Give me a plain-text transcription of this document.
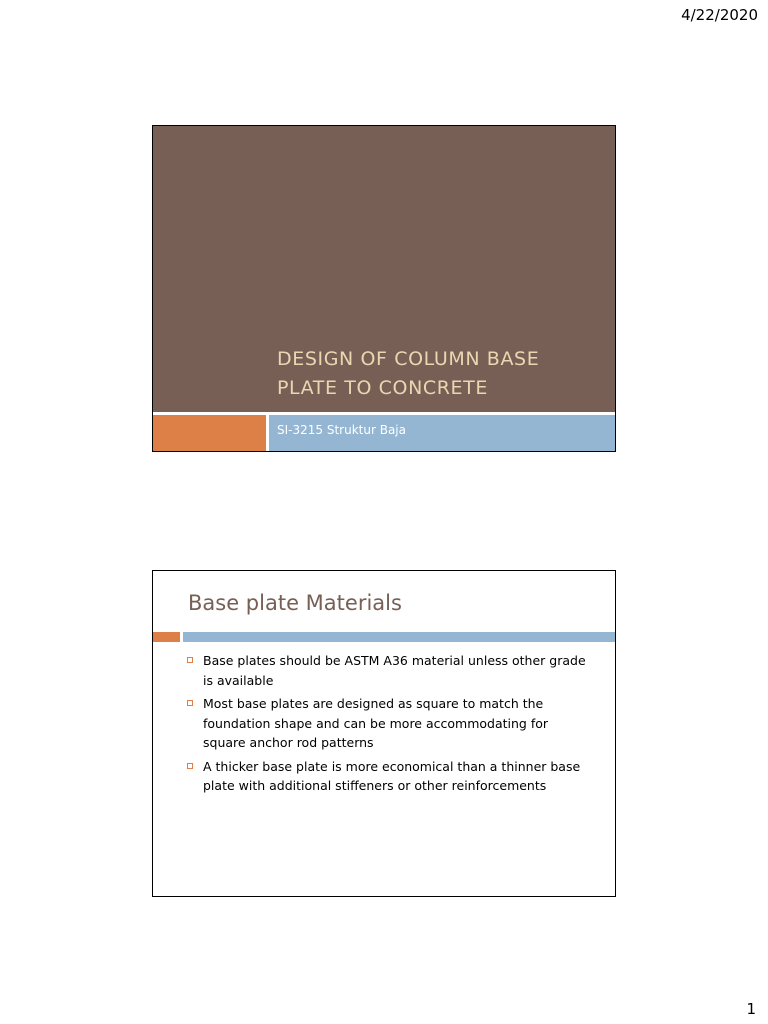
4/22/2020
DESIGN OF COLUMN BASE
PLATE TO CONCRETE
SI-3215 Struktur Baja
Base plate Materials
Base plates should be ASTM A36 material unless other grade is available
Most base plates are designed as square to match the foundation shape and can be more accommodating for square anchor rod patterns
A thicker base plate is more economical than a thinner base plate with additional stiffeners or other reinforcements
1
